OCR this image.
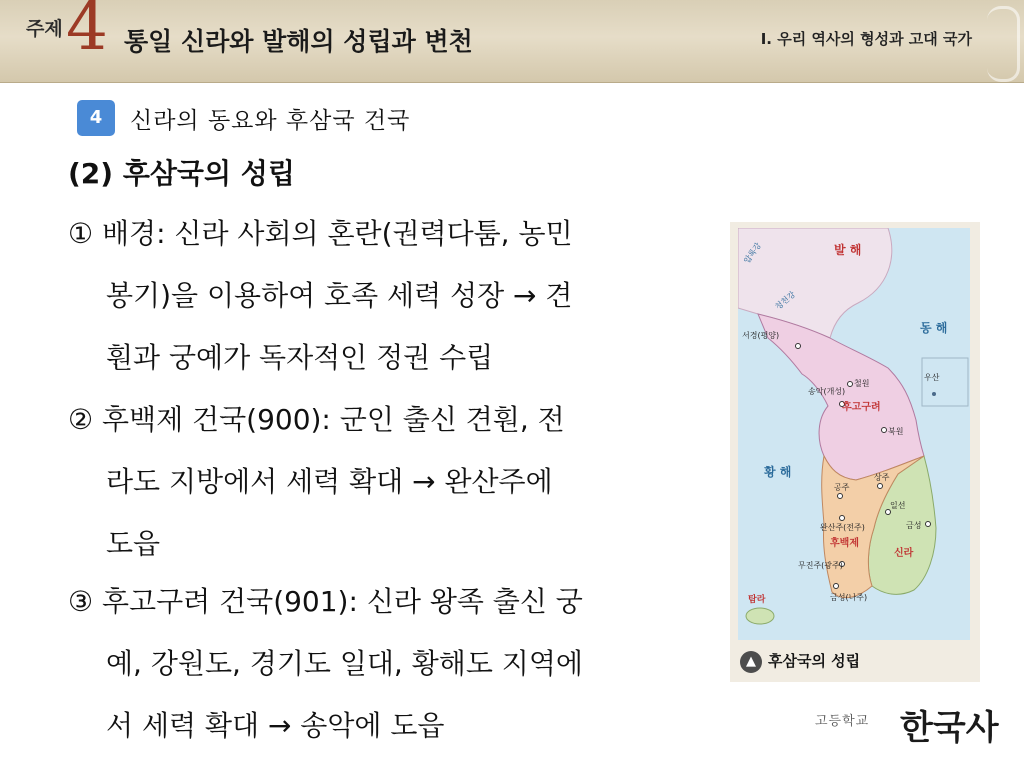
주제 4 통일 신라와 발해의 성립과 변천	Ⅰ. 우리 역사의 형성과 고대 국가
4	신라의 동요와 후삼국 건국
(2) 후삼국의 성립
① 배경: 신라 사회의 혼란(권력다툼, 농민
봉기)을 이용하여 호족 세력 성장 → 견
훤과 궁예가 독자적인 정권 수립
② 후백제 건국(900): 군인 출신 견훤, 전
라도 지방에서 세력 확대 → 완산주에
도읍
③ 후고구려 건국(901): 신라 왕족 출신 궁
예, 강원도, 경기도 일대, 황해도 지역에
서 세력 확대 → 송악에 도읍
발 해
동 해
황 해
후고구려
후백제
신라
탐라
서경(평양)
송악(개성)
철원
북원
우산
상주
공주
완산주(전주)
일선
금성
무진주(광주)
금성(나주)
압록강
청천강
▲ 후삼국의 성립
고등학교 한국사
